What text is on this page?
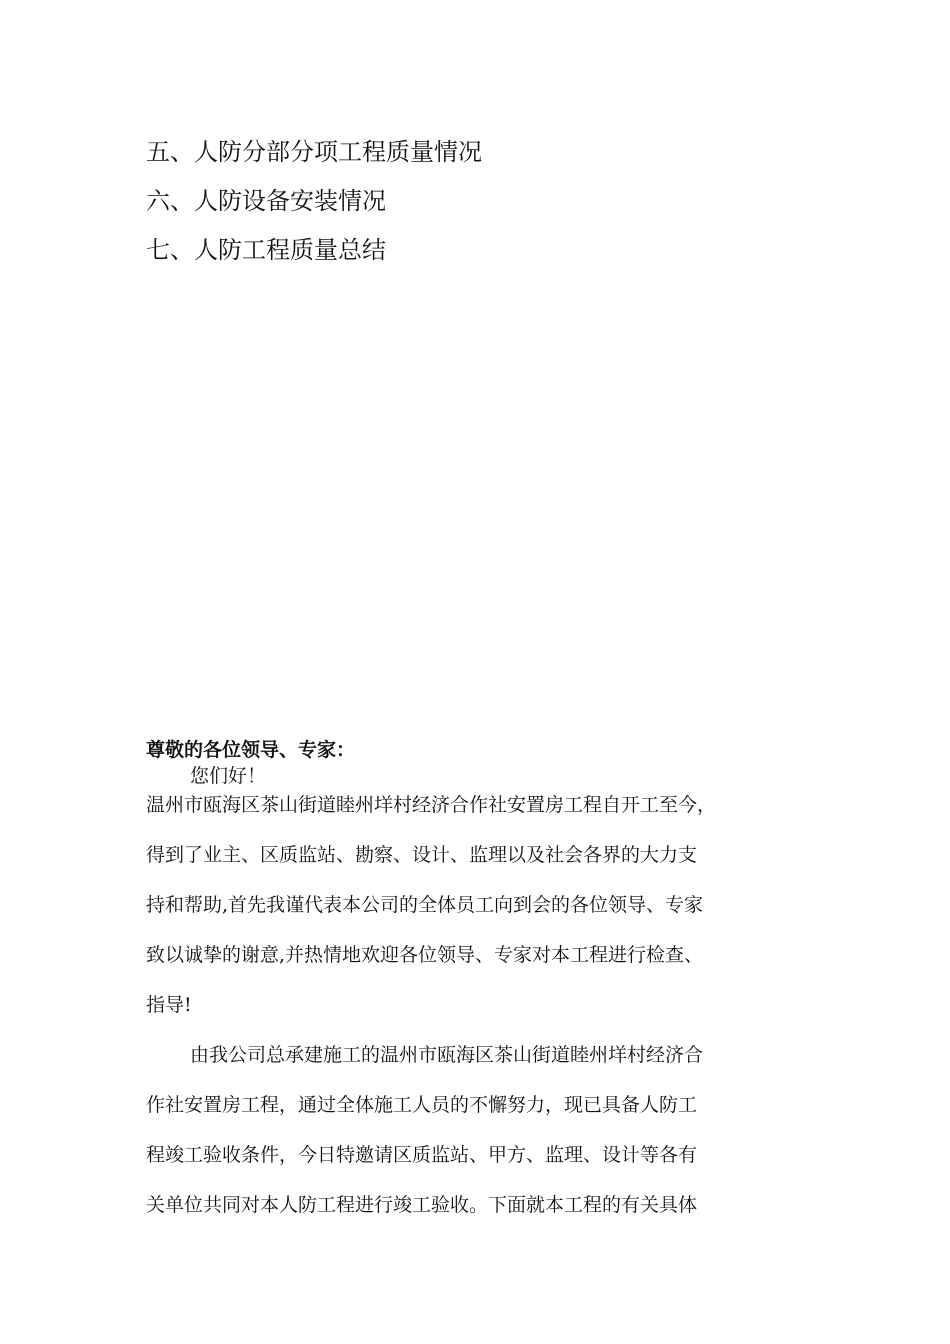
五、人防分部分项工程质量情况
六、人防设备安装情况
七、人防工程质量总结
尊敬的各位领导、专家：
您们好！
温州市瓯海区茶山街道睦州垟村经济合作社安置房工程自开工至今，
得到了业主、区质监站、勘察、设计、监理以及社会各界的大力支
持和帮助,首先我谨代表本公司的全体员工向到会的各位领导、专家
致以诚挚的谢意,并热情地欢迎各位领导、专家对本工程进行检查、
指导!
由我公司总承建施工的温州市瓯海区茶山街道睦州垟村经济合
作社安置房工程，通过全体施工人员的不懈努力，现已具备人防工
程竣工验收条件，今日特邀请区质监站、甲方、监理、设计等各有
关单位共同对本人防工程进行竣工验收。下面就本工程的有关具体
